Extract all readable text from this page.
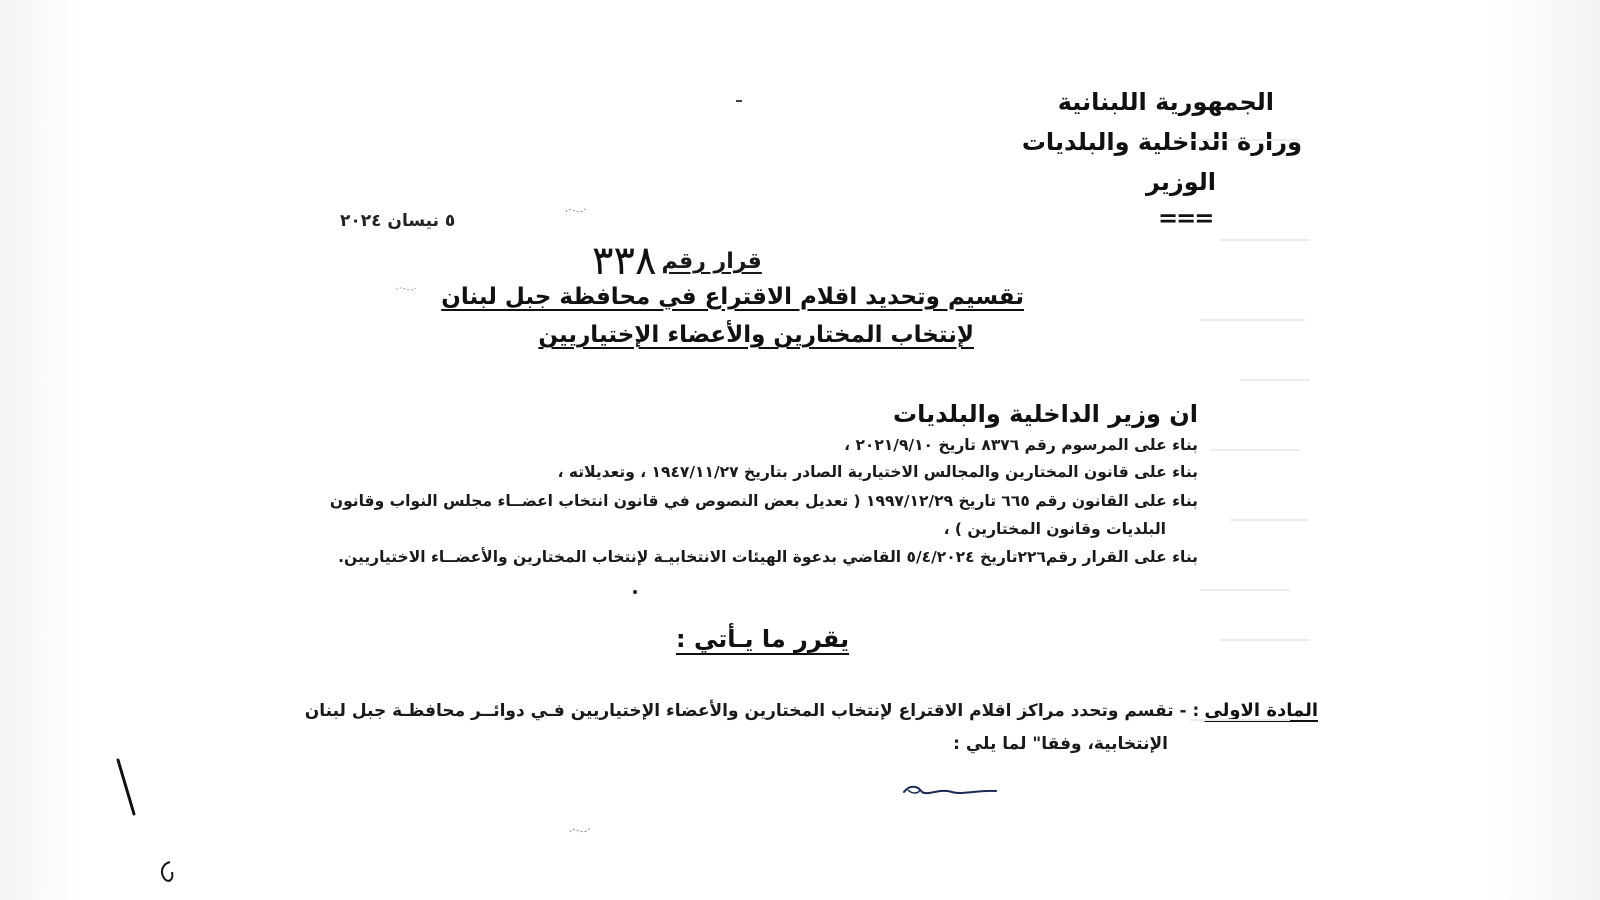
الجمهورية اللبنانية
وزارة الداخلية والبلديات
الوزير
===
٥ نيسان ٢٠٢٤
قرار رقم ٣٣٨
تقسيم وتحديد اقلام الاقتراع في محافظة جبل لبنان
لإنتخاب المختارين والأعضاء الإختياريين
ان وزير الداخلية والبلديات
بناء على المرسوم رقم ٨٣٧٦ تاريخ ٢٠٢١/٩/١٠ ،
بناء على قانون المختارين والمجالس الاختيارية الصادر بتاريخ ١٩٤٧/١١/٢٧ ، وتعديلاته ،
بناء على القانون رقم ٦٦٥ تاريخ ١٩٩٧/١٢/٢٩ ( تعديل بعض النصوص في قانون انتخاب اعضــاء مجلس النواب وقانون
البلديات وقانون المختارين ) ،
بناء على القرار رقم٢٢٦تاريخ ٥/٤/٢٠٢٤ القاضي بدعوة الهيئات الانتخابيـة لإنتخاب المختارين والأعضــاء الاختياريين.
يقرر ما يـأتي :
المادة الاولى : - تقسم وتحدد مراكز اقلام الاقتراع لإنتخاب المختارين والأعضاء الإختياريين فـي دوائــر محافظـة جبل لبنان
الإنتخابية، وفقا" لما يلي :
